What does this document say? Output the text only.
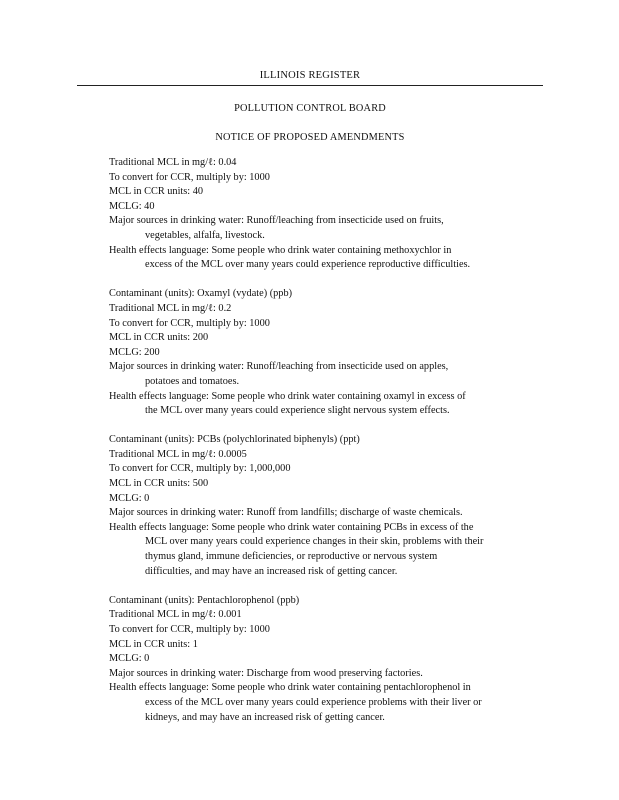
ILLINOIS REGISTER
POLLUTION CONTROL BOARD
NOTICE OF PROPOSED AMENDMENTS
Traditional MCL in mg/ℓ: 0.04
To convert for CCR, multiply by: 1000
MCL in CCR units: 40
MCLG: 40
Major sources in drinking water: Runoff/leaching from insecticide used on fruits,
vegetables, alfalfa, livestock.
Health effects language: Some people who drink water containing methoxychlor in
excess of the MCL over many years could experience reproductive difficulties.
Contaminant (units): Oxamyl (vydate) (ppb)
Traditional MCL in mg/ℓ: 0.2
To convert for CCR, multiply by: 1000
MCL in CCR units: 200
MCLG: 200
Major sources in drinking water: Runoff/leaching from insecticide used on apples,
potatoes and tomatoes.
Health effects language: Some people who drink water containing oxamyl in excess of
the MCL over many years could experience slight nervous system effects.
Contaminant (units): PCBs (polychlorinated biphenyls) (ppt)
Traditional MCL in mg/ℓ: 0.0005
To convert for CCR, multiply by: 1,000,000
MCL in CCR units: 500
MCLG: 0
Major sources in drinking water: Runoff from landfills; discharge of waste chemicals.
Health effects language: Some people who drink water containing PCBs in excess of the
MCL over many years could experience changes in their skin, problems with their
thymus gland, immune deficiencies, or reproductive or nervous system
difficulties, and may have an increased risk of getting cancer.
Contaminant (units): Pentachlorophenol (ppb)
Traditional MCL in mg/ℓ: 0.001
To convert for CCR, multiply by: 1000
MCL in CCR units: 1
MCLG: 0
Major sources in drinking water: Discharge from wood preserving factories.
Health effects language: Some people who drink water containing pentachlorophenol in
excess of the MCL over many years could experience problems with their liver or
kidneys, and may have an increased risk of getting cancer.
